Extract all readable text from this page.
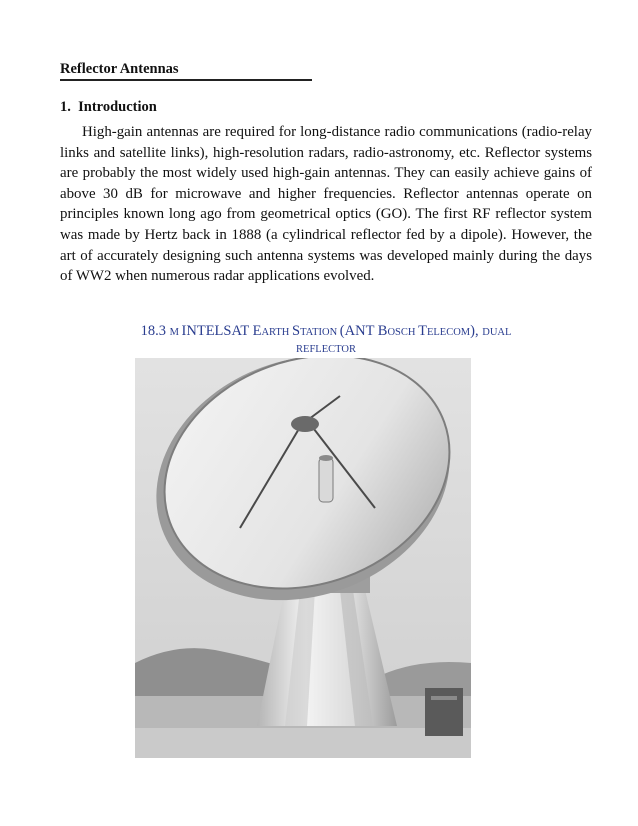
Reflector Antennas
1. Introduction

High-gain antennas are required for long-distance radio communications (radio-relay links and satellite links), high-resolution radars, radio-astronomy, etc. Reflector systems are probably the most widely used high-gain antennas. They can easily achieve gains of above 30 dB for microwave and higher frequencies. Reflector antennas operate on principles known long ago from geometrical optics (GO). The first RF reflector system was made by Hertz back in 1888 (a cylindrical reflector fed by a dipole). However, the art of accurately designing such antenna systems was developed mainly during the days of WW2 when numerous radar applications evolved.

18.3 M INTELSAT EARTH STATION (ANT BOSCH TELECOM), DUAL
REFLECTOR
